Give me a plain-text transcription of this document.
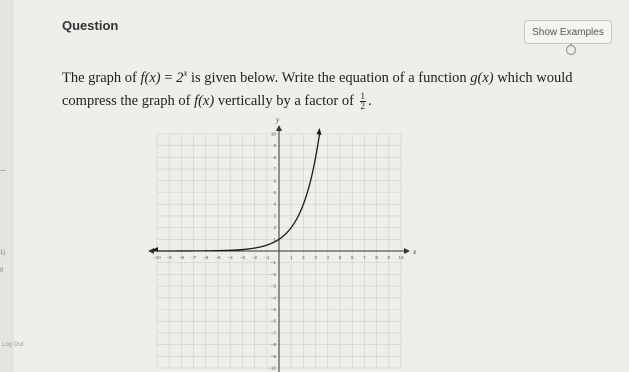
—
1)
0
Question	Show Examples
The graph of $f(x) = 2^x$ is given below. Write the equation of a function g(x) which would compress the graph of f(x) vertically by a factor of $\frac{1}{2}$ .
x
y
−10 −9 −8 −7 −6 −5 −4 −3 −2 −1	1 2 3 4 5 6 7 8 9 10
10
9
8
7
6
5
4
3
2
1
−1
−2
−3
−4
−5
−6
−7
−8
−9
−10
Log Out
